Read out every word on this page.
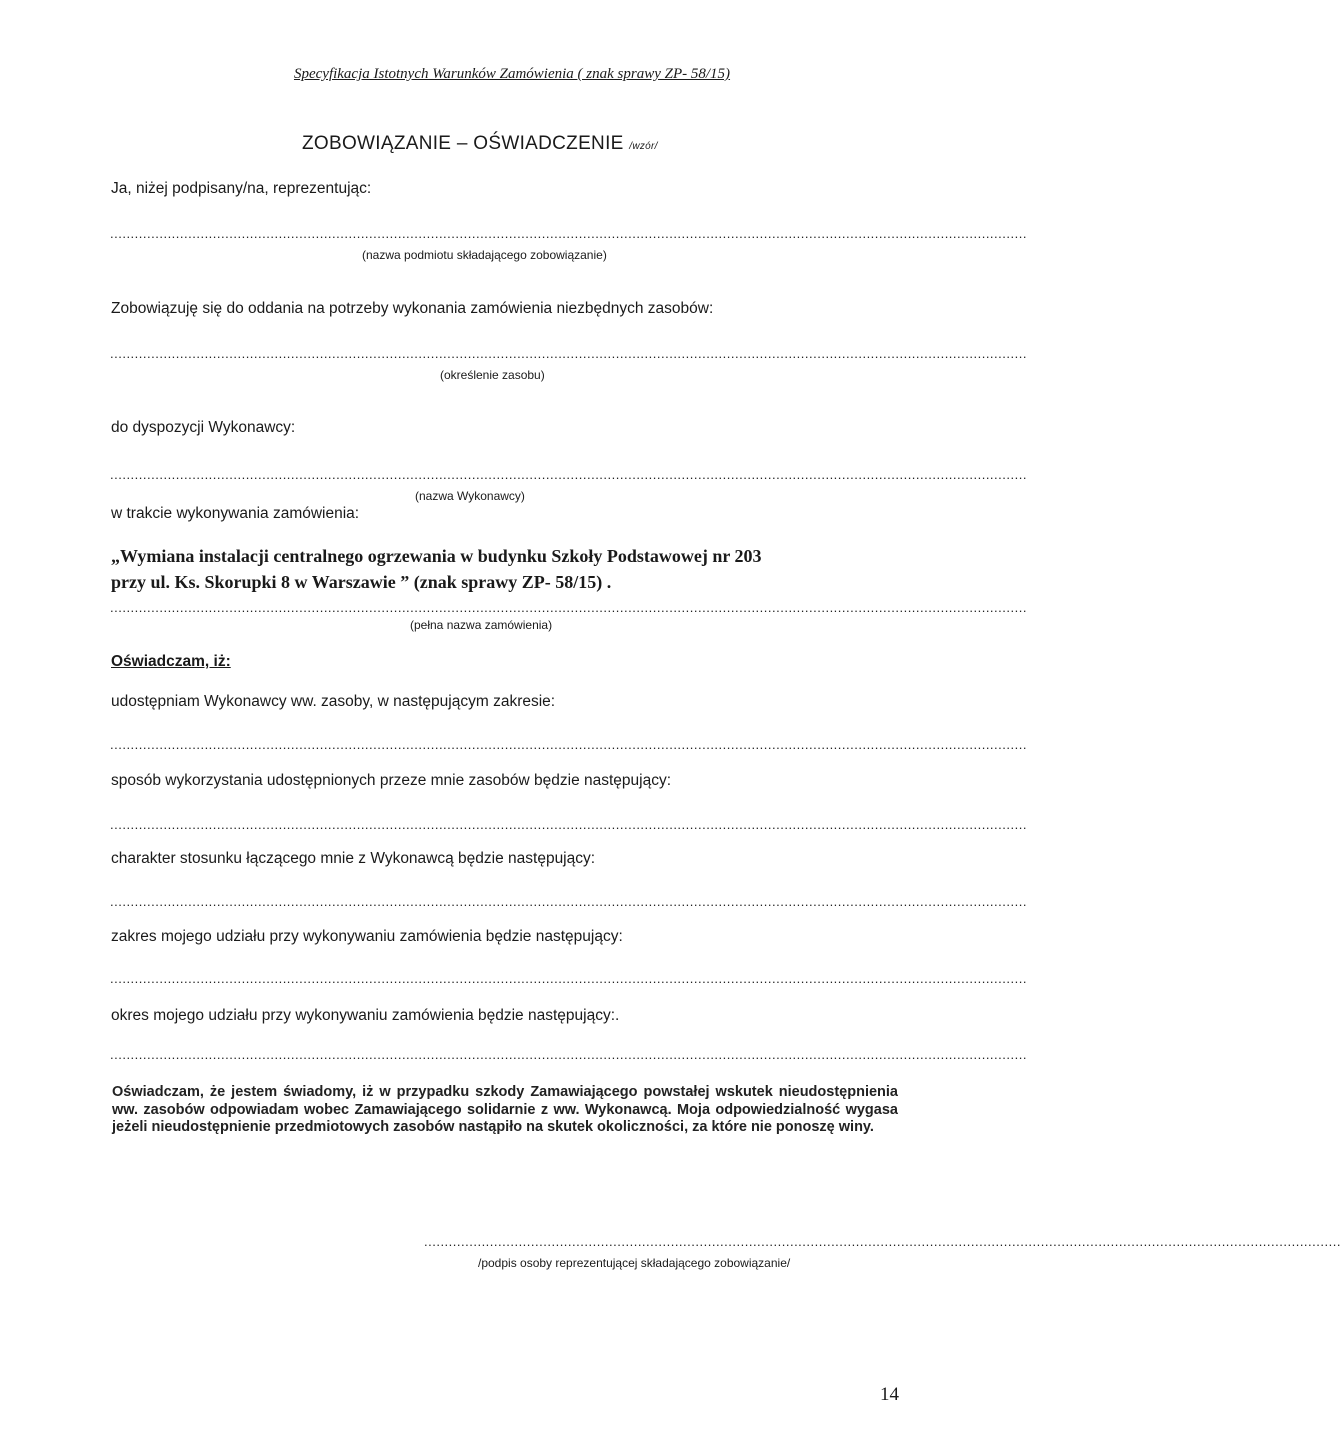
Specyfikacja Istotnych Warunków Zamówienia ( znak sprawy ZP- 58/15)
ZOBOWIĄZANIE – OŚWIADCZENIE /wzór/
Ja, niżej podpisany/na, reprezentując:
...............................................................................................................................................................................................................................
(nazwa podmiotu składającego zobowiązanie)
Zobowiązuję się do oddania na potrzeby wykonania zamówienia niezbędnych zasobów:
...............................................................................................................................................................................................................................
(określenie zasobu)
do dyspozycji Wykonawcy:
...............................................................................................................................................................................................................................
(nazwa Wykonawcy)
w trakcie wykonywania zamówienia:
„Wymiana instalacji centralnego ogrzewania w budynku Szkoły Podstawowej nr 203
przy ul. Ks. Skorupki 8 w Warszawie ” (znak sprawy ZP- 58/15) .
...............................................................................................................................................................................................................................
(pełna nazwa zamówienia)
Oświadczam, iż:
udostępniam Wykonawcy ww. zasoby, w następującym zakresie:
...............................................................................................................................................................................................................................
sposób wykorzystania udostępnionych przeze mnie zasobów będzie następujący:
...............................................................................................................................................................................................................................
charakter stosunku łączącego mnie z Wykonawcą będzie następujący:
...............................................................................................................................................................................................................................
zakres mojego udziału przy wykonywaniu zamówienia będzie następujący:
...............................................................................................................................................................................................................................
okres mojego udziału przy wykonywaniu zamówienia będzie następujący:.
...............................................................................................................................................................................................................................
Oświadczam, że jestem świadomy, iż w przypadku szkody Zamawiającego powstałej wskutek nieudostępnienia ww. zasobów odpowiadam wobec Zamawiającego solidarnie z ww. Wykonawcą. Moja odpowiedzialność wygasa jeżeli nieudostępnienie przedmiotowych zasobów nastąpiło na skutek okoliczności, za które nie ponoszę winy.
...............................................................................................................................................................................................................................
/podpis osoby reprezentującej składającego zobowiązanie/
14
